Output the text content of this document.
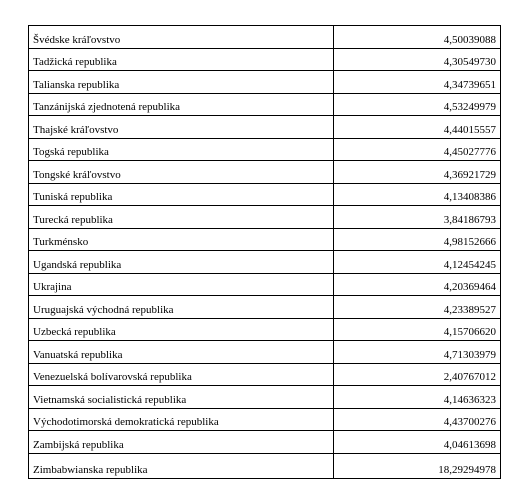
Švédske kráľovstvo	4,50039088
Tadžická republika	4,30549730
Talianska republika	4,34739651
Tanzánijská zjednotená republika	4,53249979
Thajské kráľovstvo	4,44015557
Togská republika	4,45027776
Tongské kráľovstvo	4,36921729
Tuniská republika	4,13408386
Turecká republika	3,84186793
Turkménsko	4,98152666
Ugandská republika	4,12454245
Ukrajina	4,20369464
Uruguajská východná republika	4,23389527
Uzbecká republika	4,15706620
Vanuatská republika	4,71303979
Venezuelská bolívarovská republika	2,40767012
Vietnamská socialistická republika	4,14636323
Východotimorská demokratická republika	4,43700276
Zambijská republika	4,04613698
Zimbabwianska republika	18,29294978
